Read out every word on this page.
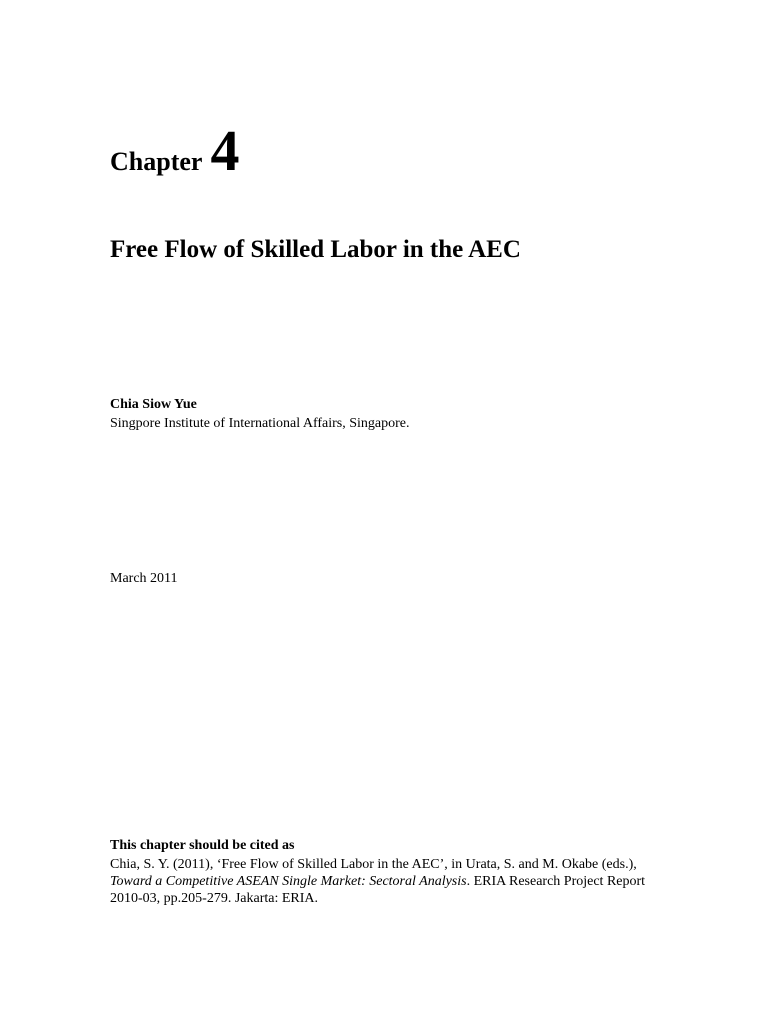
Chapter 4
Free Flow of Skilled Labor in the AEC
Chia Siow Yue
Singpore Institute of International Affairs, Singapore.
March 2011
This chapter should be cited as
Chia, S. Y. (2011), ‘Free Flow of Skilled Labor in the AEC’, in Urata, S. and M. Okabe (eds.), Toward a Competitive ASEAN Single Market: Sectoral Analysis. ERIA Research Project Report 2010-03, pp.205-279. Jakarta: ERIA.
